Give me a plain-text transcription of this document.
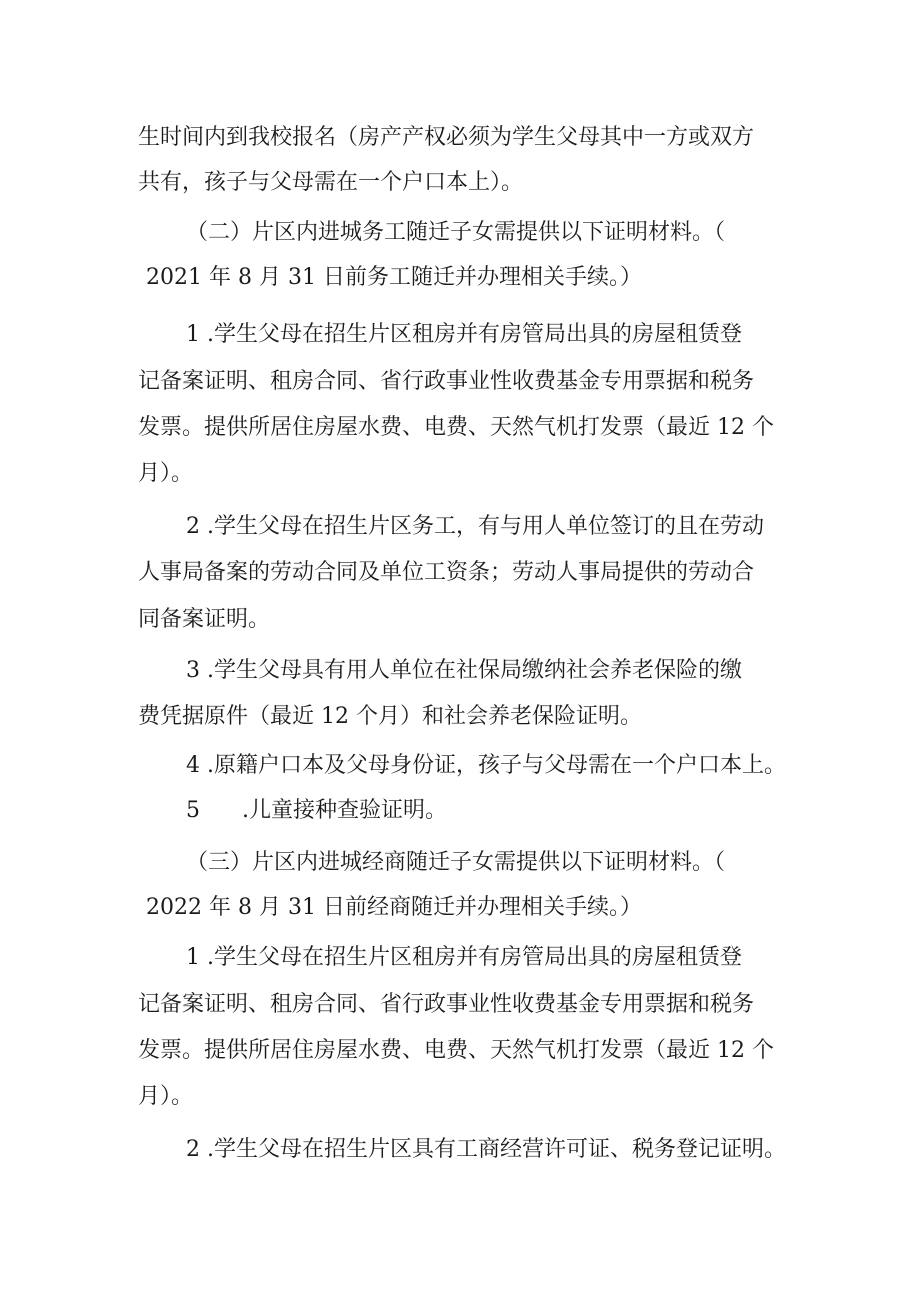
生时间内到我校报名（房产产权必须为学生父母其中一方或双方
共有，孩子与父母需在一个户口本上）。
（二）片区内进城务工随迁子女需提供以下证明材料。（
2021 年 8 月 31 日前务工随迁并办理相关手续。）
1 .学生父母在招生片区租房并有房管局出具的房屋租赁登
记备案证明、租房合同、省行政事业性收费基金专用票据和税务
发票。提供所居住房屋水费、电费、天然气机打发票（最近 12 个
月）。
2 .学生父母在招生片区务工，有与用人单位签订的且在劳动
人事局备案的劳动合同及单位工资条；劳动人事局提供的劳动合
同备案证明。
3 .学生父母具有用人单位在社保局缴纳社会养老保险的缴
费凭据原件（最近 12 个月）和社会养老保险证明。
4 .原籍户口本及父母身份证，孩子与父母需在一个户口本上。
5      .儿童接种查验证明。
（三）片区内进城经商随迁子女需提供以下证明材料。（
2022 年 8 月 31 日前经商随迁并办理相关手续。）
1 .学生父母在招生片区租房并有房管局出具的房屋租赁登
记备案证明、租房合同、省行政事业性收费基金专用票据和税务
发票。提供所居住房屋水费、电费、天然气机打发票（最近 12 个
月）。
2 .学生父母在招生片区具有工商经营许可证、税务登记证明。
